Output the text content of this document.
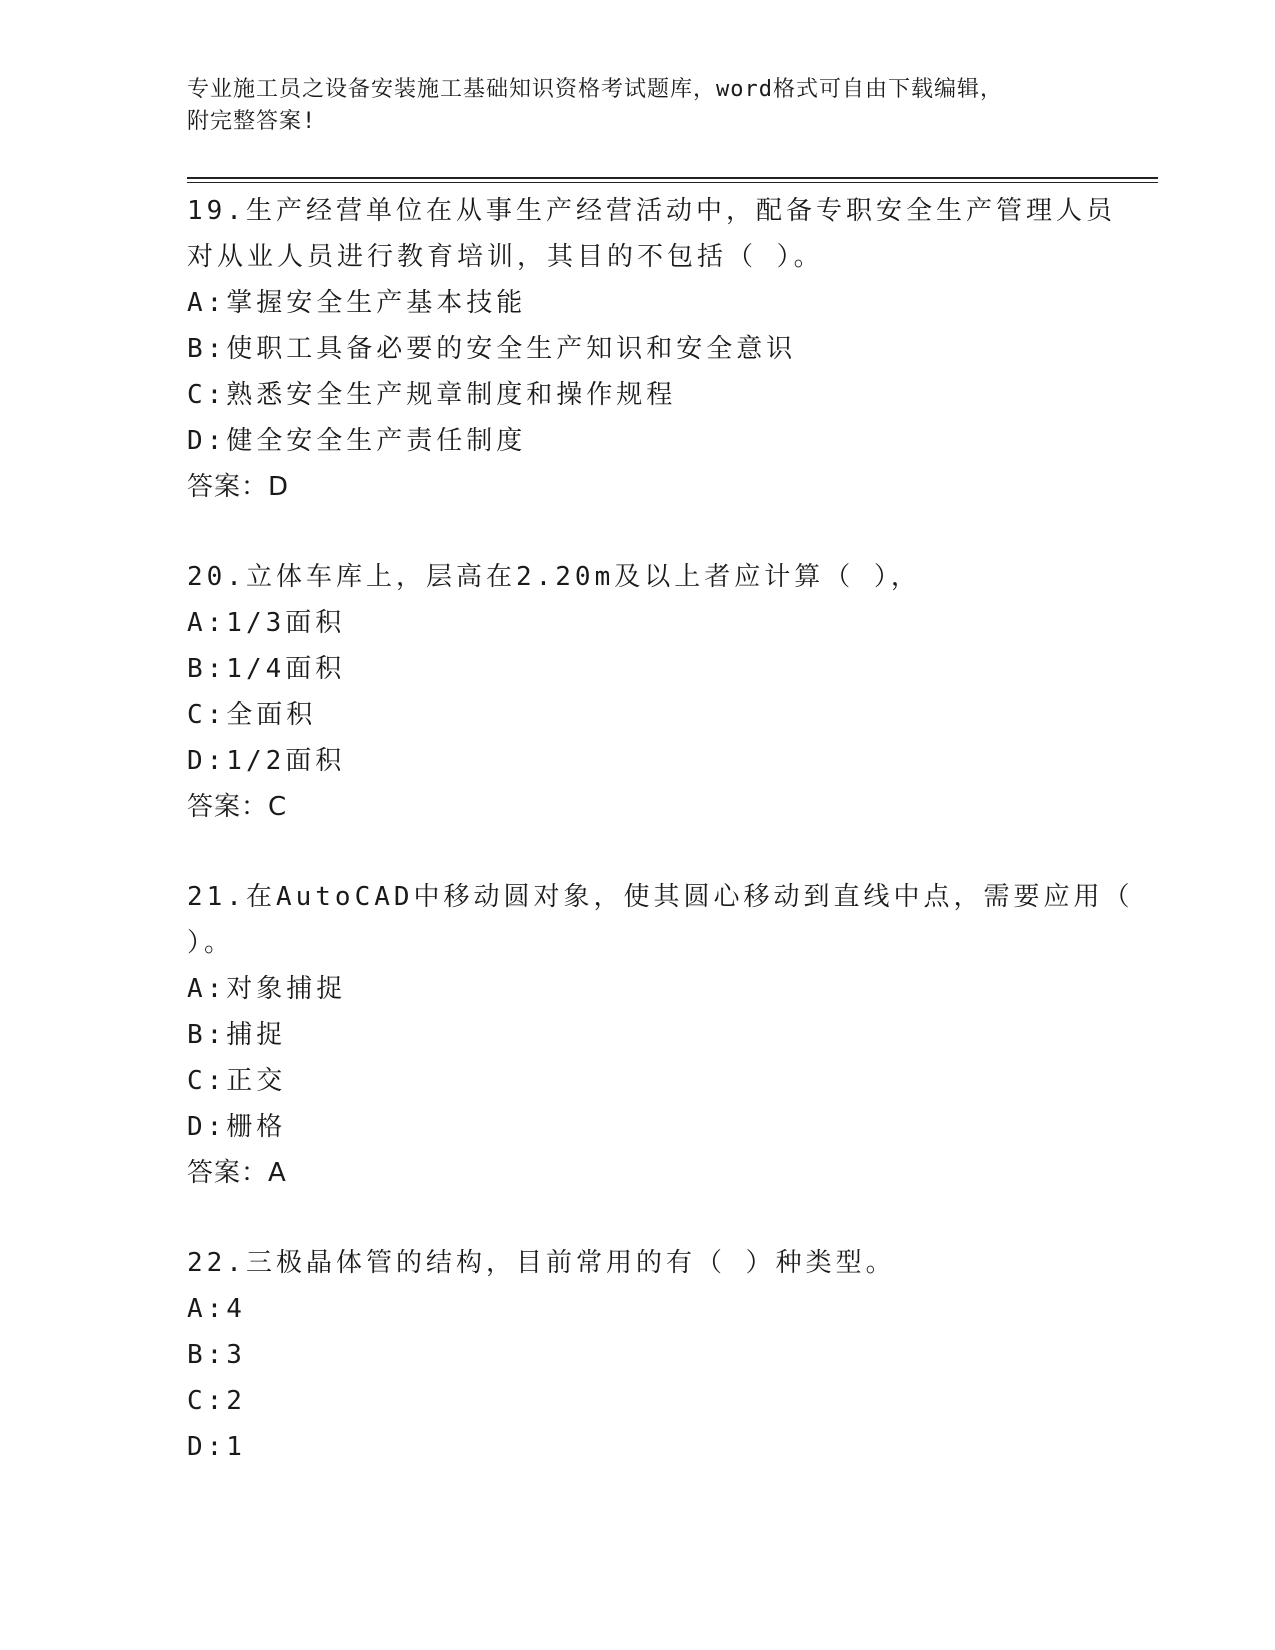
专业施工员之设备安装施工基础知识资格考试题库，word格式可自由下载编辑，
附完整答案!
19.生产经营单位在从事生产经营活动中，配备专职安全生产管理人员
对从业人员进行教育培训，其目的不包括（ ）。
A:掌握安全生产基本技能
B:使职工具备必要的安全生产知识和安全意识
C:熟悉安全生产规章制度和操作规程
D:健全安全生产责任制度
答案：D
20.立体车库上，层高在2.20m及以上者应计算（ ），
A:1/3面积
B:1/4面积
C:全面积
D:1/2面积
答案：C
21.在AutoCAD中移动圆对象，使其圆心移动到直线中点，需要应用（
）。
A:对象捕捉
B:捕捉
C:正交
D:栅格
答案：A
22.三极晶体管的结构，目前常用的有（ ）种类型。
A:4
B:3
C:2
D:1
